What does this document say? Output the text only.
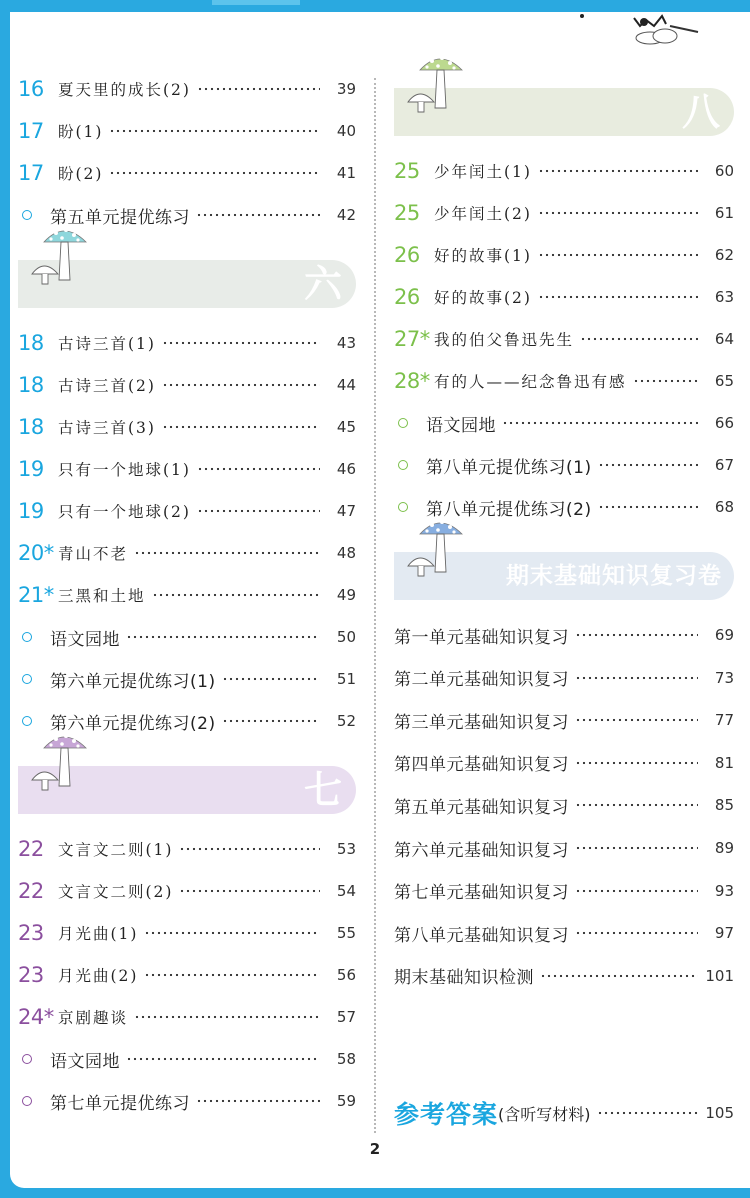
16 夏天里的成长(2)	39
17 盼(1)	40
17 盼(2)	41
第五单元提优练习	42
六
18 古诗三首(1)	43
18 古诗三首(2)	44
18 古诗三首(3)	45
19 只有一个地球(1)	46
19 只有一个地球(2)	47
20* 青山不老	48
21* 三黑和土地	49
语文园地	50
第六单元提优练习(1)	51
第六单元提优练习(2)	52
七
22 文言文二则(1)	53
22 文言文二则(2)	54
23 月光曲(1)	55
23 月光曲(2)	56
24* 京剧趣谈	57
语文园地	58
第七单元提优练习	59
八
25 少年闰土(1)	60
25 少年闰土(2)	61
26 好的故事(1)	62
26 好的故事(2)	63
27* 我的伯父鲁迅先生	64
28* 有的人——纪念鲁迅有感	65
语文园地	66
第八单元提优练习(1)	67
第八单元提优练习(2)	68
期末基础知识复习卷
第一单元基础知识复习	69
第二单元基础知识复习	73
第三单元基础知识复习	77
第四单元基础知识复习	81
第五单元基础知识复习	85
第六单元基础知识复习	89
第七单元基础知识复习	93
第八单元基础知识复习	97
期末基础知识检测	101
参考答案 (含听写材料)	105
2
